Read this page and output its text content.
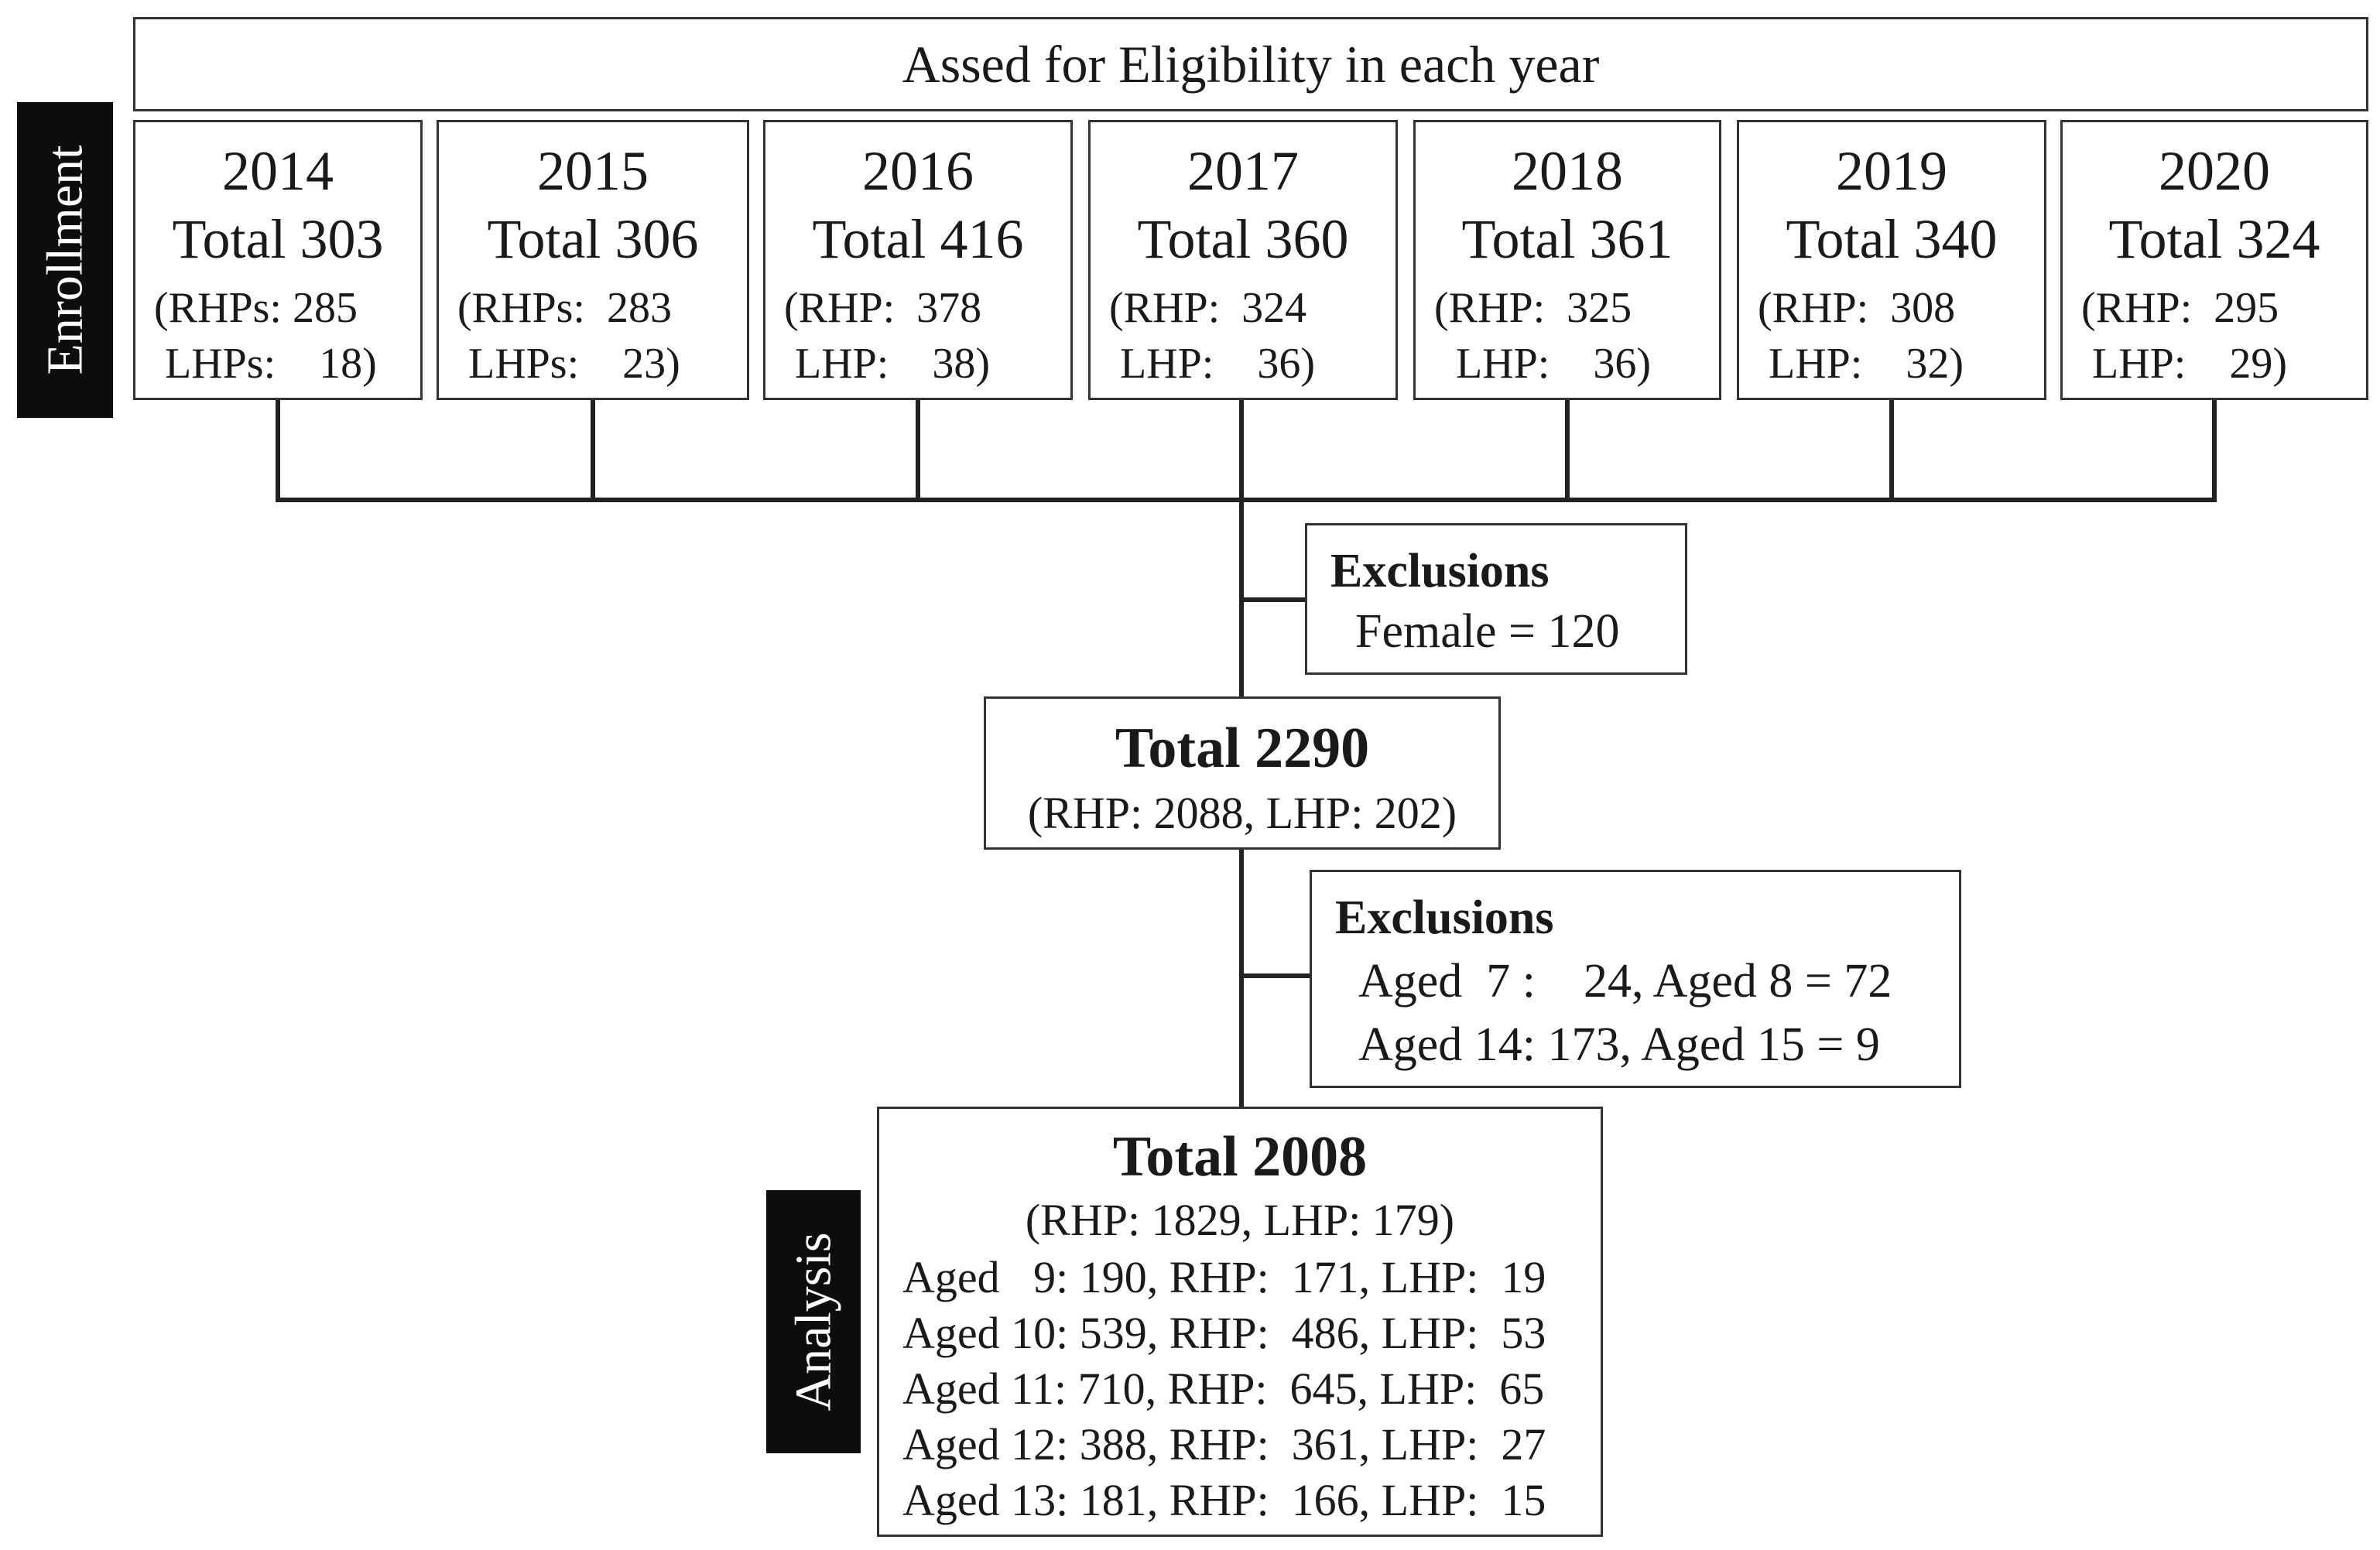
Enrollment
Analysis
Assed for Eligibility in each year
2014
Total 303
(RHPs: 285
LHPs:    18)
2015
Total 306
(RHPs:  283
LHPs:    23)
2016
Total 416
(RHP:  378
LHP:    38)
2017
Total 360
(RHP:  324
LHP:    36)
2018
Total 361
(RHP:  325
LHP:    36)
2019
Total 340
(RHP:  308
LHP:    32)
2020
Total 324
(RHP:  295
LHP:    29)
Exclusions
Female = 120
Total 2290
(RHP: 2088, LHP: 202)
Exclusions
Aged  7 :    24, Aged 8 = 72
Aged 14: 173, Aged 15 = 9
Total 2008
(RHP: 1829, LHP: 179)
Aged   9: 190, RHP:  171, LHP:  19
Aged 10: 539, RHP:  486, LHP:  53
Aged 11: 710, RHP:  645, LHP:  65
Aged 12: 388, RHP:  361, LHP:  27
Aged 13: 181, RHP:  166, LHP:  15
